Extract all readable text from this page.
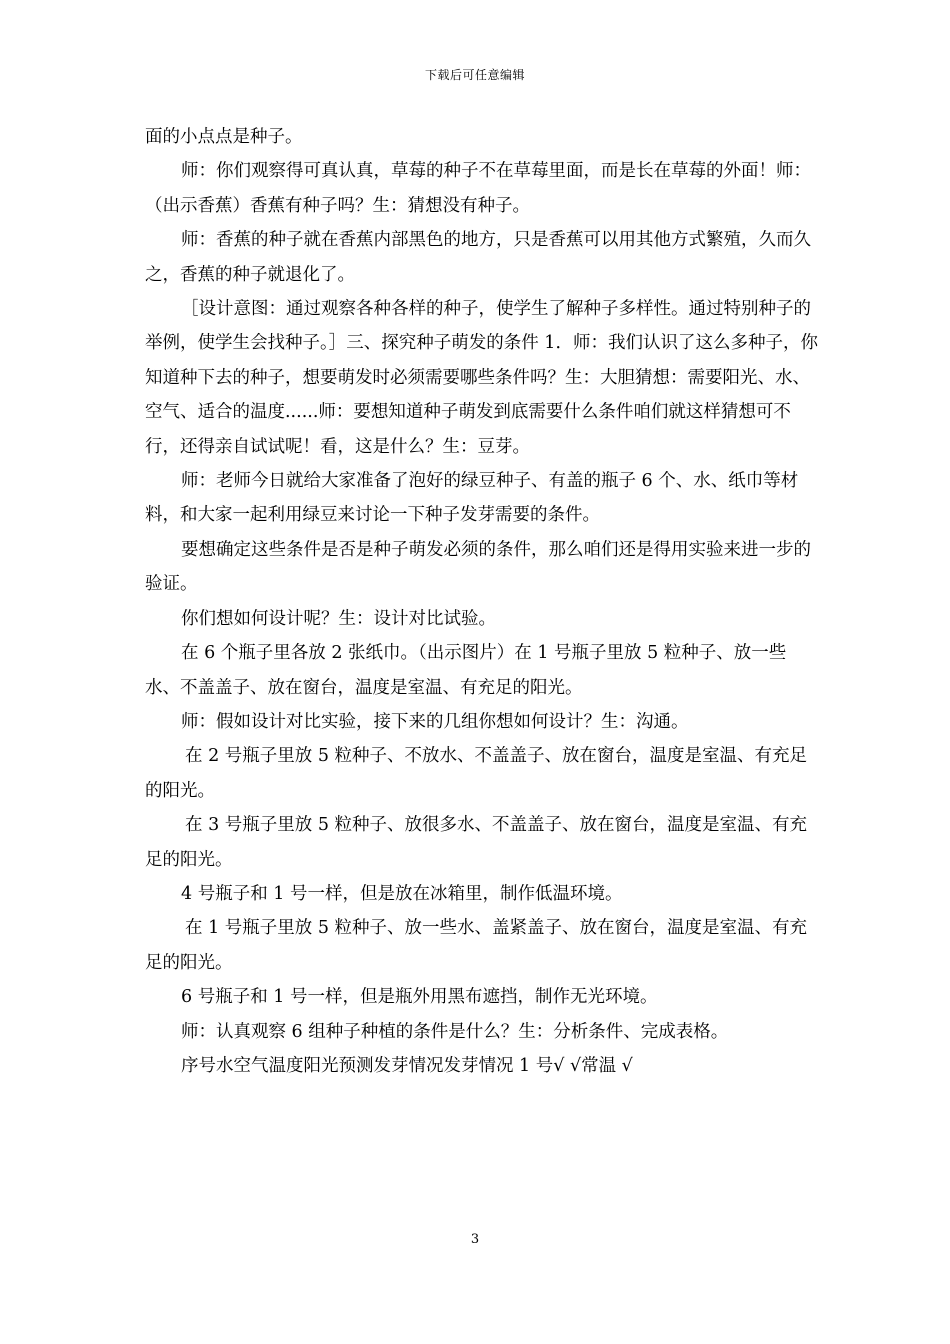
下载后可任意编辑

面的小点点是种子。

师：你们观察得可真认真，草莓的种子不在草莓里面，而是长在草莓的外面！师：（出示香蕉）香蕉有种子吗？生：猜想没有种子。

师：香蕉的种子就在香蕉内部黑色的地方，只是香蕉可以用其他方式繁殖，久而久之，香蕉的种子就退化了。

［设计意图：通过观察各种各样的种子，使学生了解种子多样性。通过特别种子的举例，使学生会找种子。］三、探究种子萌发的条件 1．师：我们认识了这么多种子，你知道种下去的种子，想要萌发时必须需要哪些条件吗？生：大胆猜想：需要阳光、水、空气、适合的温度......师：要想知道种子萌发到底需要什么条件咱们就这样猜想可不行，还得亲自试试呢！看，这是什么？生：豆芽。

师：老师今日就给大家准备了泡好的绿豆种子、有盖的瓶子 6 个、水、纸巾等材料，和大家一起利用绿豆来讨论一下种子发芽需要的条件。

要想确定这些条件是否是种子萌发必须的条件，那么咱们还是得用实验来进一步的验证。

你们想如何设计呢？生：设计对比试验。

在 6 个瓶子里各放 2 张纸巾。（出示图片）在 1 号瓶子里放 5 粒种子、放一些水、不盖盖子、放在窗台，温度是室温、有充足的阳光。

师：假如设计对比实验，接下来的几组你想如何设计？生：沟通。

在 2 号瓶子里放 5 粒种子、不放水、不盖盖子、放在窗台，温度是室温、有充足的阳光。

在 3 号瓶子里放 5 粒种子、放很多水、不盖盖子、放在窗台，温度是室温、有充足的阳光。

4 号瓶子和 1 号一样，但是放在冰箱里，制作低温环境。

在 1 号瓶子里放 5 粒种子、放一些水、盖紧盖子、放在窗台，温度是室温、有充足的阳光。

6 号瓶子和 1 号一样，但是瓶外用黑布遮挡，制作无光环境。

师：认真观察 6 组种子种植的条件是什么？生：分析条件、完成表格。

序号水空气温度阳光预测发芽情况发芽情况 1 号√ √常温 √

3
